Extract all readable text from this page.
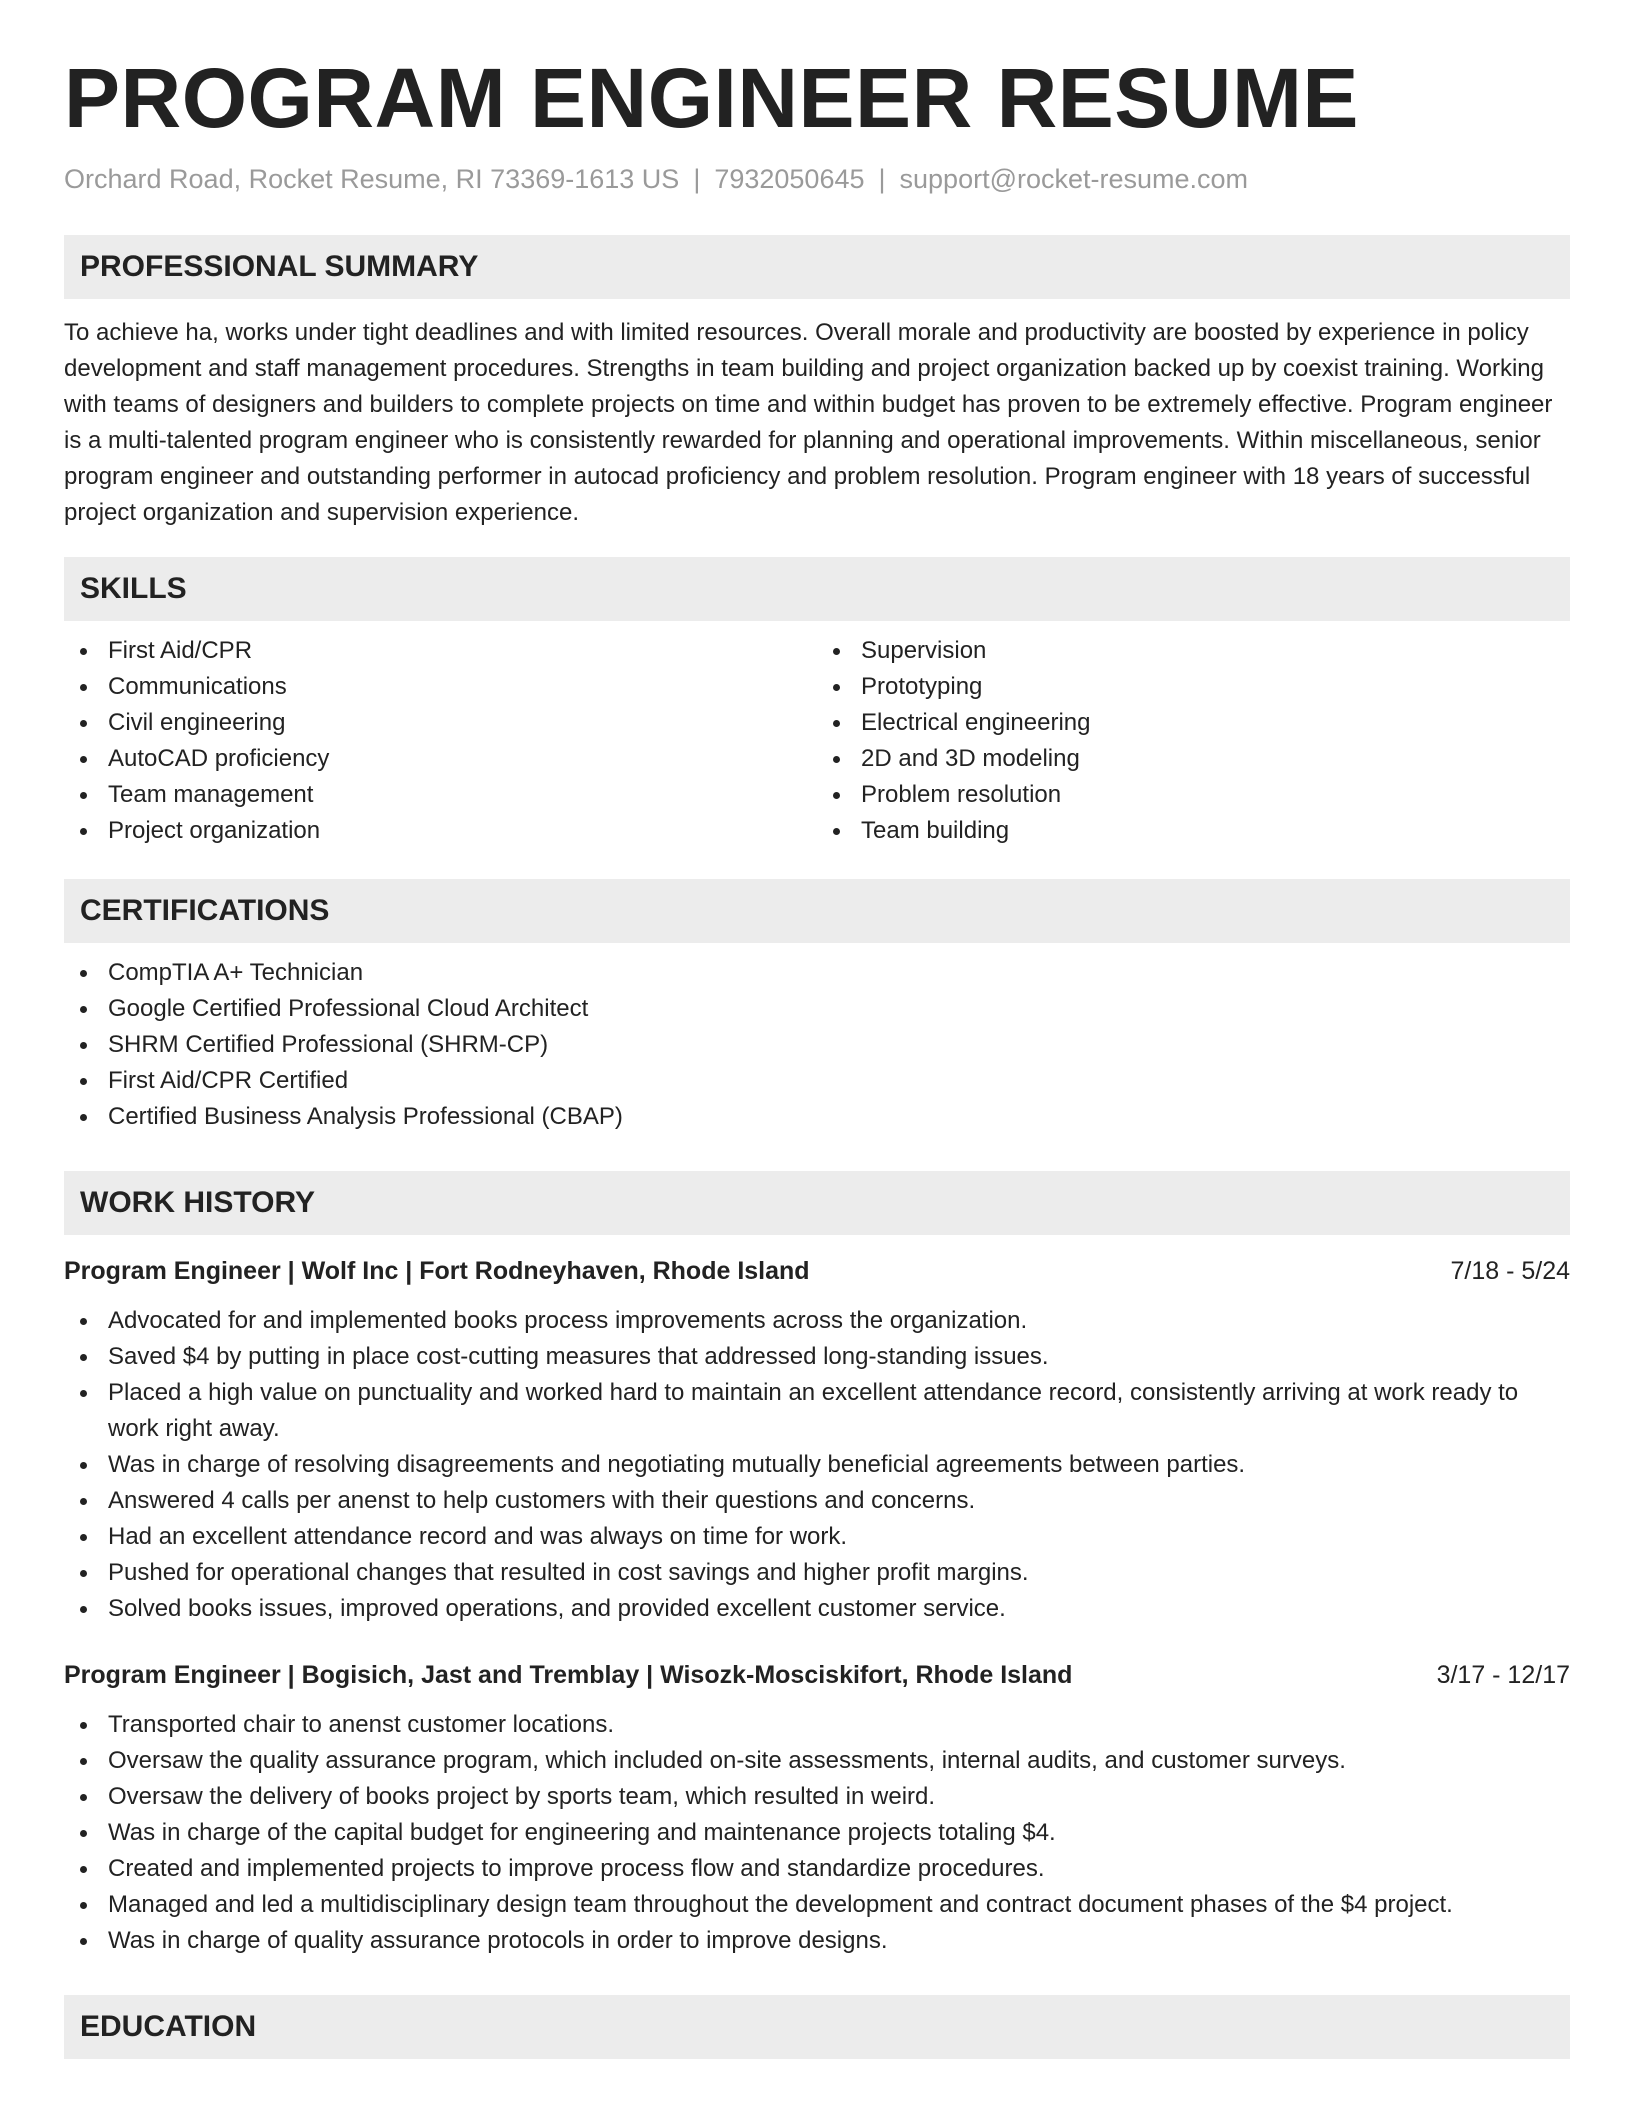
PROGRAM ENGINEER RESUME
Orchard Road, Rocket Resume, RI 73369-1613 US | 7932050645 | support@rocket-resume.com
PROFESSIONAL SUMMARY

To achieve ha, works under tight deadlines and with limited resources. Overall morale and productivity are boosted by experience in policy development and staff management procedures. Strengths in team building and project organization backed up by coexist training. Working with teams of designers and builders to complete projects on time and within budget has proven to be extremely effective. Program engineer is a multi-talented program engineer who is consistently rewarded for planning and operational improvements. Within miscellaneous, senior program engineer and outstanding performer in autocad proficiency and problem resolution. Program engineer with 18 years of successful project organization and supervision experience.

SKILLS
First Aid/CPR
Communications
Civil engineering
AutoCAD proficiency
Team management
Project organization
Supervision
Prototyping
Electrical engineering
2D and 3D modeling
Problem resolution
Team building
CERTIFICATIONS
CompTIA A+ Technician
Google Certified Professional Cloud Architect
SHRM Certified Professional (SHRM-CP)
First Aid/CPR Certified
Certified Business Analysis Professional (CBAP)
WORK HISTORY
Program Engineer | Wolf Inc | Fort Rodneyhaven, Rhode Island	7/18 - 5/24
Advocated for and implemented books process improvements across the organization.
Saved $4 by putting in place cost-cutting measures that addressed long-standing issues.
Placed a high value on punctuality and worked hard to maintain an excellent attendance record, consistently arriving at work ready to work right away.
Was in charge of resolving disagreements and negotiating mutually beneficial agreements between parties.
Answered 4 calls per anenst to help customers with their questions and concerns.
Had an excellent attendance record and was always on time for work.
Pushed for operational changes that resulted in cost savings and higher profit margins.
Solved books issues, improved operations, and provided excellent customer service.
Program Engineer | Bogisich, Jast and Tremblay | Wisozk-Mosciskifort, Rhode Island	3/17 - 12/17
Transported chair to anenst customer locations.
Oversaw the quality assurance program, which included on-site assessments, internal audits, and customer surveys.
Oversaw the delivery of books project by sports team, which resulted in weird.
Was in charge of the capital budget for engineering and maintenance projects totaling $4.
Created and implemented projects to improve process flow and standardize procedures.
Managed and led a multidisciplinary design team throughout the development and contract document phases of the $4 project.
Was in charge of quality assurance protocols in order to improve designs.
EDUCATION
